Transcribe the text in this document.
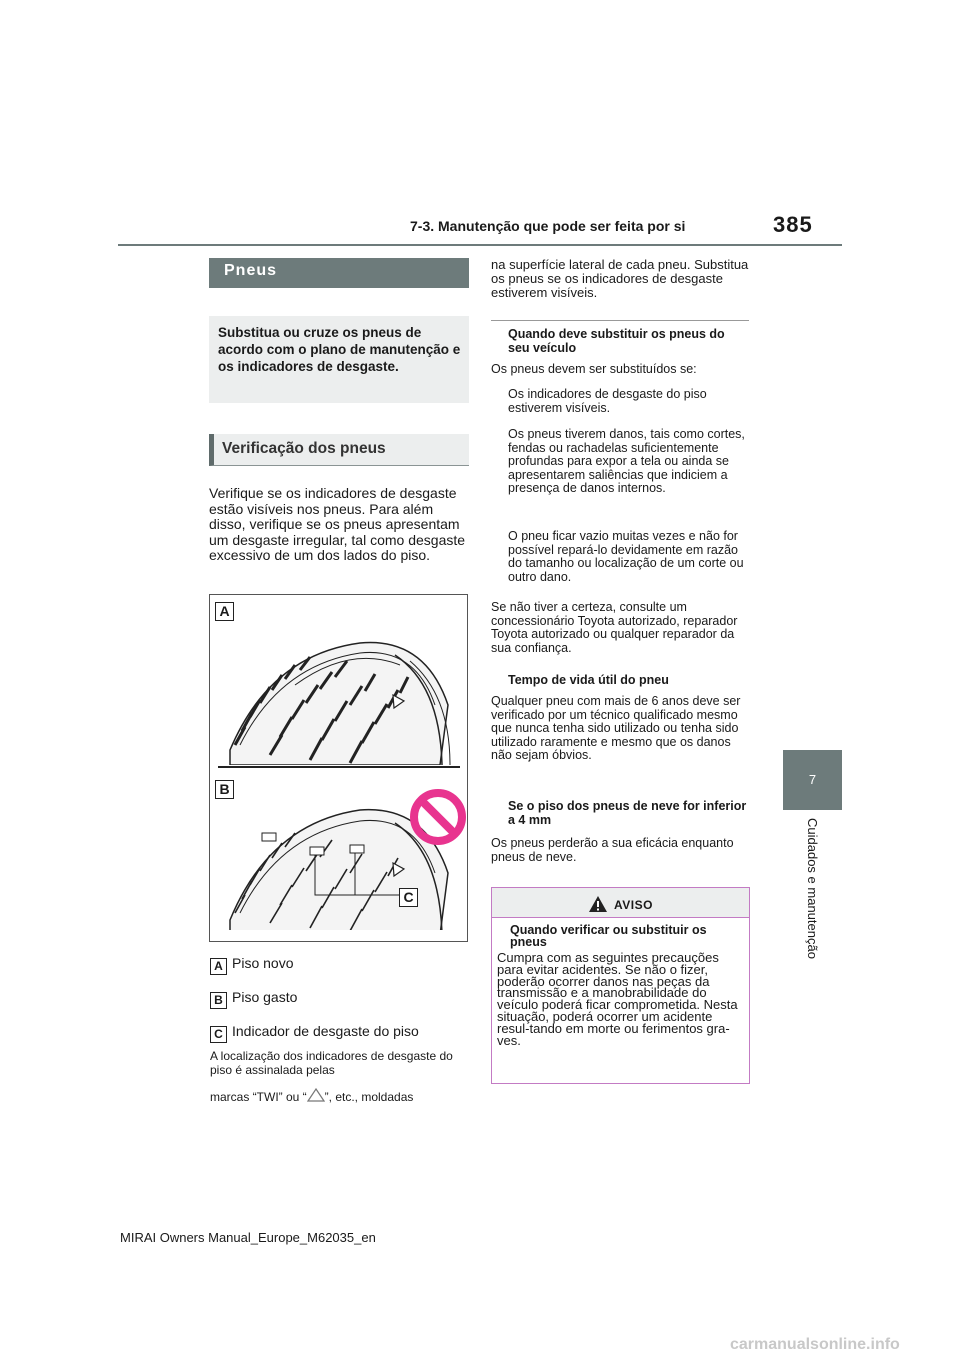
7-3. Manutenção que pode ser feita por si	385
7
Cuidados e manutenção
Pneus
Substitua ou cruze os pneus de acordo com o plano de manutenção e os indicadores de desgaste.
Verificação dos pneus
Verifique se os indicadores de desgaste estão visíveis nos pneus. Para além disso, verifique se os pneus apresentam um desgaste irregular, tal como desgaste excessivo de um dos lados do piso.
A
B
C
A Piso novo
B Piso gasto
C Indicador de desgaste do piso
A localização dos indicadores de desgaste do piso é assinalada pelas
marcas “TWI” ou “ ”, etc., moldadas
na superfície lateral de cada pneu. Substitua os pneus se os indicadores de desgaste estiverem visíveis.
Quando deve substituir os pneus do seu veículo
Os pneus devem ser substituídos se:
Os indicadores de desgaste do piso estiverem visíveis.
Os pneus tiverem danos, tais como cortes, fendas ou rachadelas suficientemente profundas para expor a tela ou ainda se apresentarem saliências que indiciem a presença de danos internos.
O pneu ficar vazio muitas vezes e não for possível repará-lo devidamente em razão do tamanho ou localização de um corte ou outro dano.
Se não tiver a certeza, consulte um concessionário Toyota autorizado, reparador Toyota autorizado ou qualquer reparador da sua confiança.
Tempo de vida útil do pneu
Qualquer pneu com mais de 6 anos deve ser verificado por um técnico qualificado mesmo que nunca tenha sido utilizado ou tenha sido utilizado raramente e mesmo que os danos não sejam óbvios.
Se o piso dos pneus de neve for inferior a 4 mm
Os pneus perderão a sua eficácia enquanto pneus de neve.
AVISO
Quando verificar ou substituir os pneus
Cumpra com as seguintes precauções para evitar acidentes. Se não o fizer, poderão ocorrer danos nas peças da transmissão e a manobrabilidade do veículo poderá ficar comprometida. Nesta situação, poderá ocorrer um acidente resul-tando em morte ou ferimentos gra-ves.
MIRAI Owners Manual_Europe_M62035_en
carmanualsonline.info
